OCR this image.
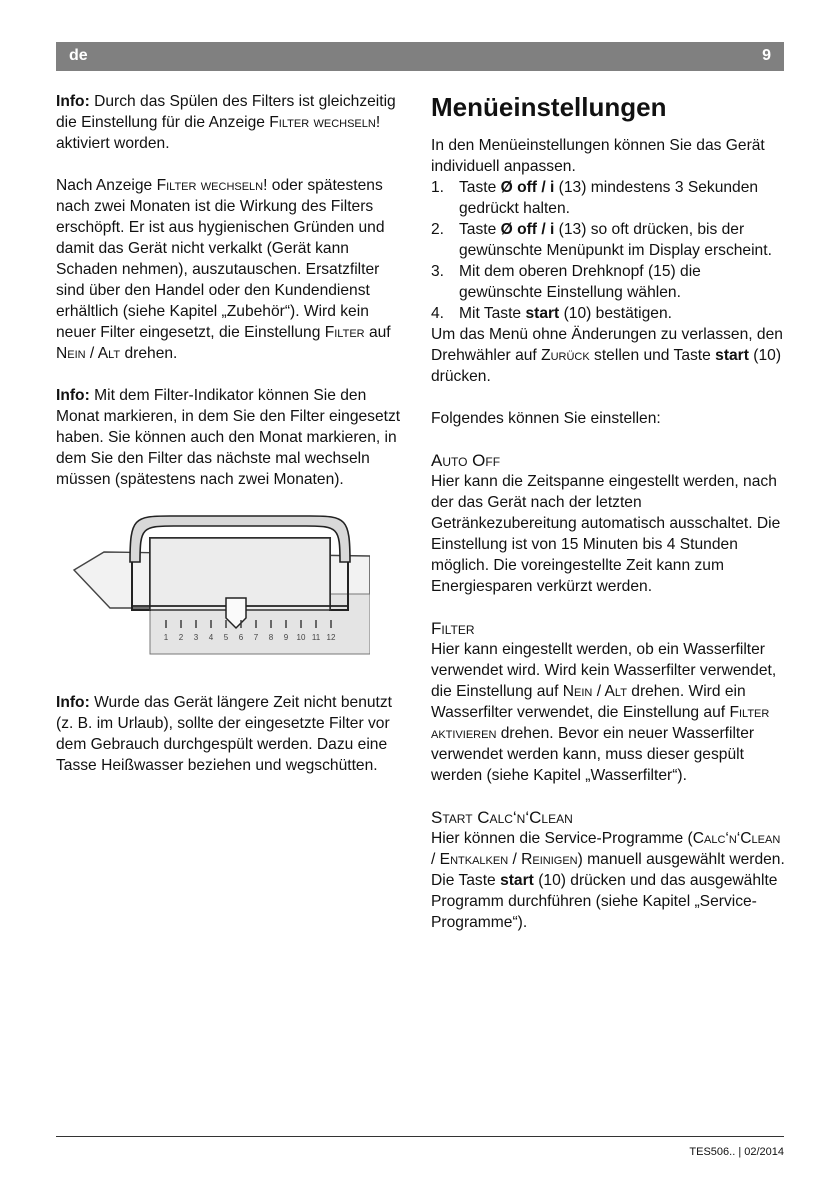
de	9

Info: Durch das Spülen des Filters ist gleichzeitig die Einstellung für die Anzeige Filter wechseln! aktiviert worden.

Nach Anzeige Filter wechseln! oder spätestens nach zwei Monaten ist die Wirkung des Filters erschöpft. Er ist aus hygienischen Gründen und damit das Gerät nicht verkalkt (Gerät kann Schaden nehmen), auszutauschen. Ersatzfilter sind über den Handel oder den Kundendienst erhältlich (siehe Kapitel „Zubehör“). Wird kein neuer Filter eingesetzt, die Einstellung Filter auf Nein / Alt drehen.

Info: Mit dem Filter-Indikator können Sie den Monat markieren, in dem Sie den Filter eingesetzt haben. Sie können auch den Monat markieren, in dem Sie den Filter das nächste mal wechseln müssen (spätestens nach zwei Monaten).

1 2 3 4 5 6 7 8 9 10 11 12

Info: Wurde das Gerät längere Zeit nicht benutzt (z. B. im Urlaub), sollte der eingesetzte Filter vor dem Gebrauch durchgespült werden. Dazu eine Tasse Heißwasser beziehen und wegschütten.

Menüeinstellungen

In den Menüeinstellungen können Sie das Gerät individuell anpassen.

1. Taste Ø off / i (13) mindestens 3 Sekunden gedrückt halten.
2. Taste Ø off / i (13) so oft drücken, bis der gewünschte Menüpunkt im Display erscheint.
3. Mit dem oberen Drehknopf (15) die gewünschte Einstellung wählen.
4. Mit Taste start (10) bestätigen.

Um das Menü ohne Änderungen zu verlassen, den Drehwähler auf Zurück stellen und Taste start (10) drücken.

Folgendes können Sie einstellen:

Auto Off

Hier kann die Zeitspanne eingestellt werden, nach der das Gerät nach der letzten Getränkezubereitung automatisch ausschaltet. Die Einstellung ist von 15 Minuten bis 4 Stunden möglich. Die voreingestellte Zeit kann zum Energiesparen verkürzt werden.

Filter

Hier kann eingestellt werden, ob ein Wasserfilter verwendet wird. Wird kein Wasserfilter verwendet, die Einstellung auf Nein / Alt drehen. Wird ein Wasserfilter verwendet, die Einstellung auf Filter aktivieren drehen. Bevor ein neuer Wasserfilter verwendet werden kann, muss dieser gespült werden (siehe Kapitel „Wasserfilter“).

Start Calc‘n‘Clean

Hier können die Service-Programme (Calc‘n‘Clean / Entkalken / Reinigen) manuell ausgewählt werden. Die Taste start (10) drücken und das ausgewählte Programm durchführen (siehe Kapitel „Service-Programme“).

TES506.. | 02/2014
